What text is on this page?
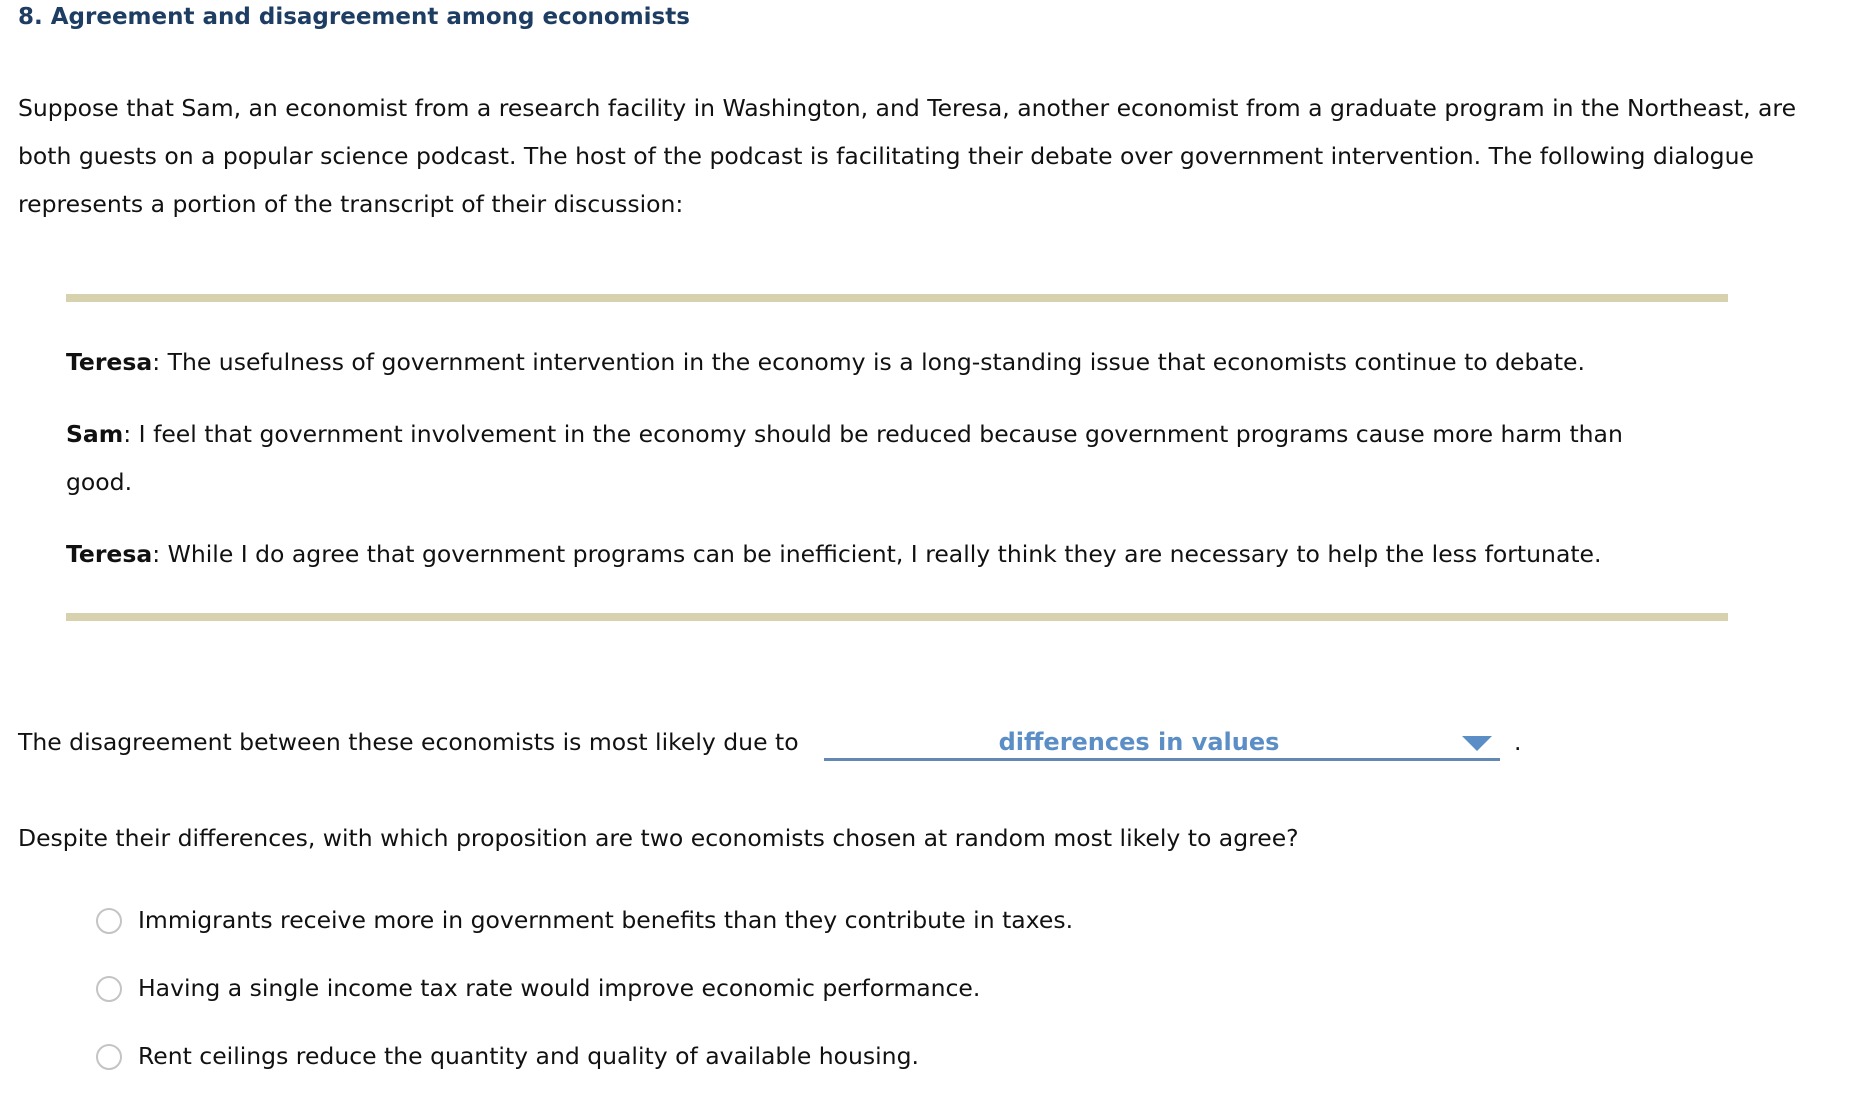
8. Agreement and disagreement among economists
Suppose that Sam, an economist from a research facility in Washington, and Teresa, another economist from a graduate program in the Northeast, are
both guests on a popular science podcast. The host of the podcast is facilitating their debate over government intervention. The following dialogue
represents a portion of the transcript of their discussion:
Teresa: The usefulness of government intervention in the economy is a long-standing issue that economists continue to debate.
Sam: I feel that government involvement in the economy should be reduced because government programs cause more harm than
good.
Teresa: While I do agree that government programs can be inefficient, I really think they are necessary to help the less fortunate.
The disagreement between these economists is most likely due to	differences in values	.
Despite their differences, with which proposition are two economists chosen at random most likely to agree?
Immigrants receive more in government benefits than they contribute in taxes.
Having a single income tax rate would improve economic performance.
Rent ceilings reduce the quantity and quality of available housing.
